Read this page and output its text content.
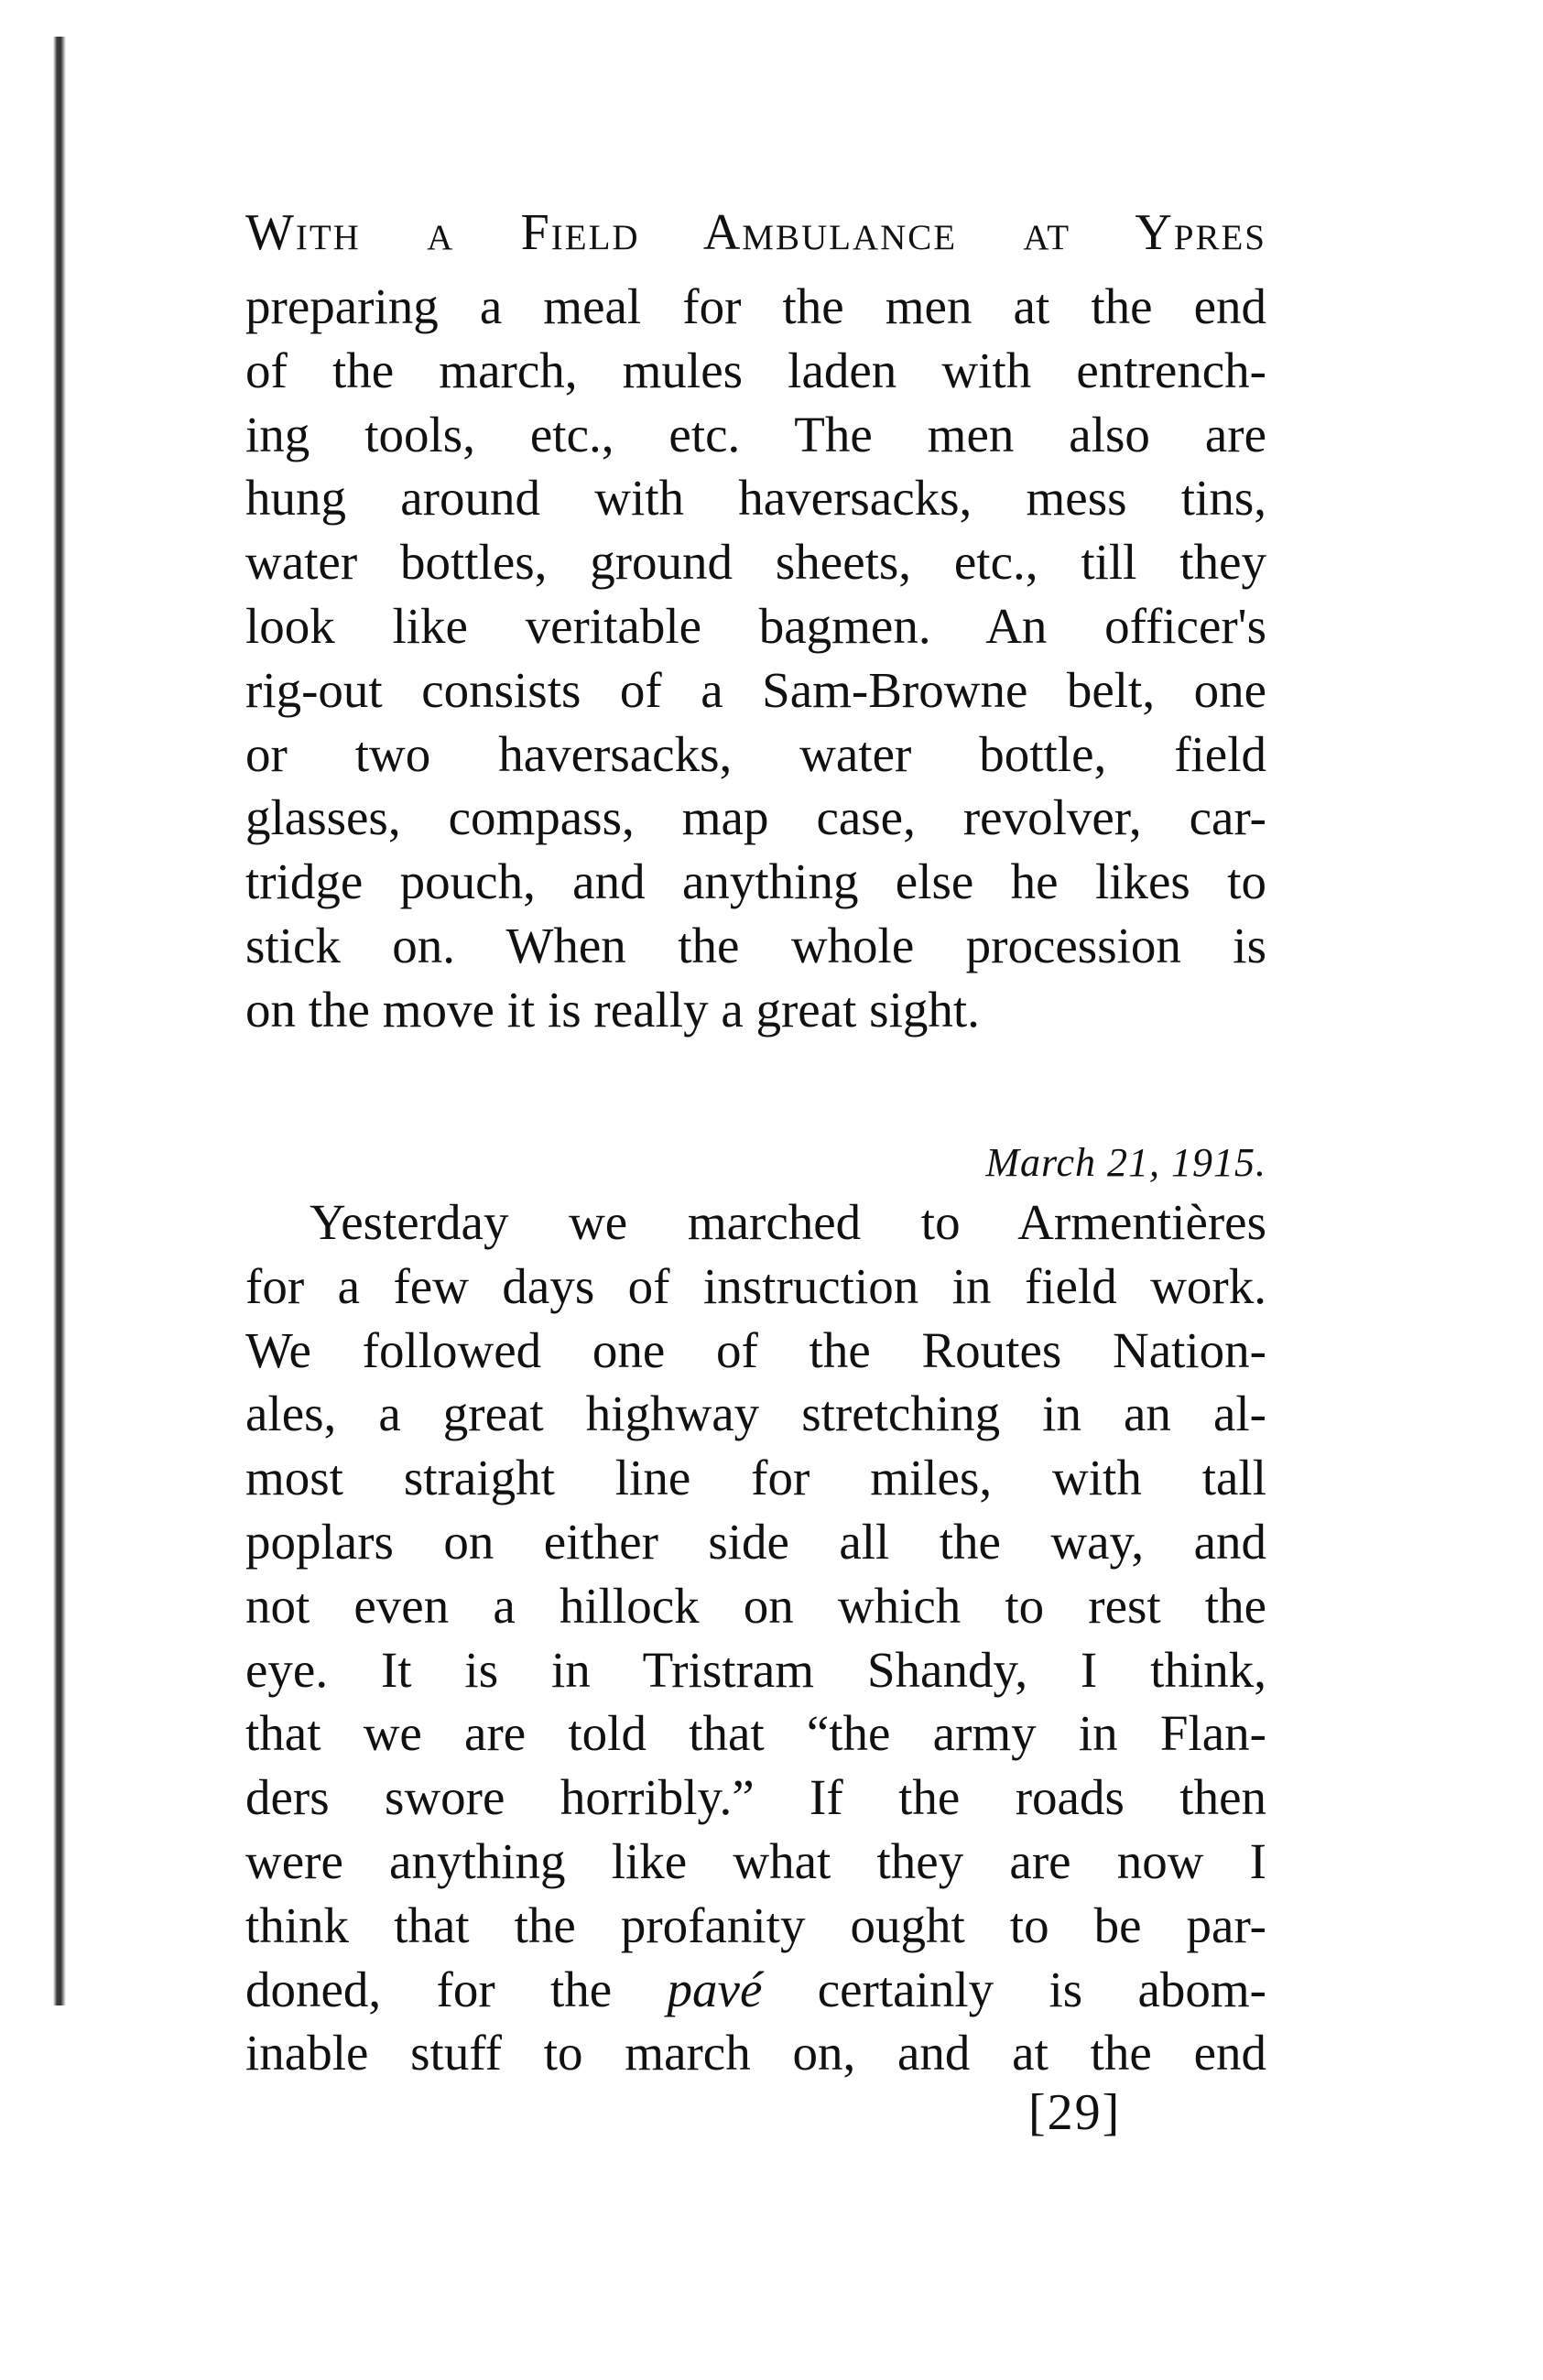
With a Field Ambulance at Ypres
preparing a meal for the men at the end
of the march, mules laden with entrench-
ing tools, etc., etc. The men also are
hung around with haversacks, mess tins,
water bottles, ground sheets, etc., till they
look like veritable bagmen. An officer's
rig-out consists of a Sam-Browne belt, one
or two haversacks, water bottle, field
glasses, compass, map case, revolver, car-
tridge pouch, and anything else he likes to
stick on. When the whole procession is
on the move it is really a great sight.
March 21, 1915.
Yesterday we marched to Armentières
for a few days of instruction in field work.
We followed one of the Routes Nation-
ales, a great highway stretching in an al-
most straight line for miles, with tall
poplars on either side all the way, and
not even a hillock on which to rest the
eye. It is in Tristram Shandy, I think,
that we are told that “the army in Flan-
ders swore horribly.” If the roads then
were anything like what they are now I
think that the profanity ought to be par-
doned, for the pavé certainly is abom-
inable stuff to march on, and at the end
[29]
